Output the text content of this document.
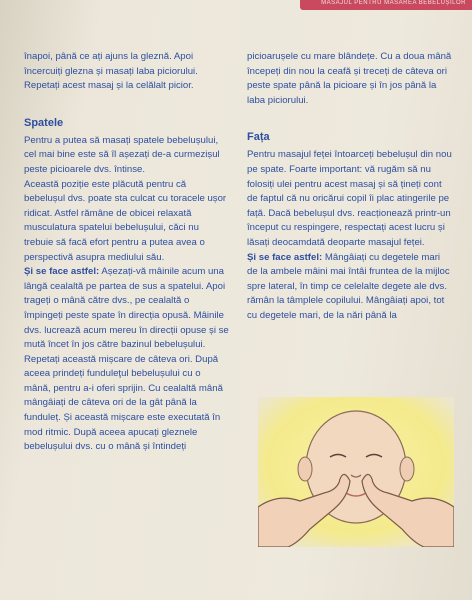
MASAJUL PENTRU MASAREA BEBELUȘILOR

înapoi, până ce ați ajuns la gleznă. Apoi încercuiți glezna și masați laba piciorului. Repetați acest masaj și la celălalt picior.

Spatele

Pentru a putea să masați spatele bebelușului, cel mai bine este să îl așezați de-a curmezișul peste picioarele dvs. întinse.

Această poziție este plăcută pentru că bebelușul dvs. poate sta culcat cu toracele ușor ridicat. Astfel rămâne de obicei relaxată musculatura spatelui bebelușului, căci nu trebuie să facă efort pentru a putea avea o perspectivă asupra mediului său.

Și se face astfel: Așezați-vă mâinile acum una lângă cealaltă pe partea de sus a spatelui. Apoi trageți o mână către dvs., pe cealaltă o împingeți peste spate în direcția opusă. Mâinile dvs. lucrează acum mereu în direcții opuse și se mută încet în jos către bazinul bebelușului. Repetați această mișcare de câteva ori. După aceea prindeți funduleţul bebelușului cu o mână, pentru a-i oferi sprijin. Cu cealaltă mână mângâiați de câteva ori de la gât până la funduleț. Și această mișcare este executată în mod ritmic. După aceea apucați gleznele bebelușului dvs. cu o mână și întindeți

picioarușele cu mare blândețe. Cu a doua mână începeți din nou la ceafă și treceți de câteva ori peste spate până la picioare și în jos până la laba piciorului.

Fața

Pentru masajul feței întoarceți bebelușul din nou pe spate. Foarte important: vă rugăm să nu folosiți ulei pentru acest masaj și să țineți cont de faptul că nu oricărui copil îi plac atingerile pe față. Dacă bebelușul dvs. reacționează printr-un început cu respingere, respectați acest lucru și lăsați deocamdată deoparte masajul feței.

Și se face astfel: Mângâiați cu degetele mari de la ambele mâini mai întâi fruntea de la mijloc spre lateral, în timp ce celelalte degete ale dvs. rămân la tâmplele copilului. Mângâiați apoi, tot cu degetele mari, de la nări până la
